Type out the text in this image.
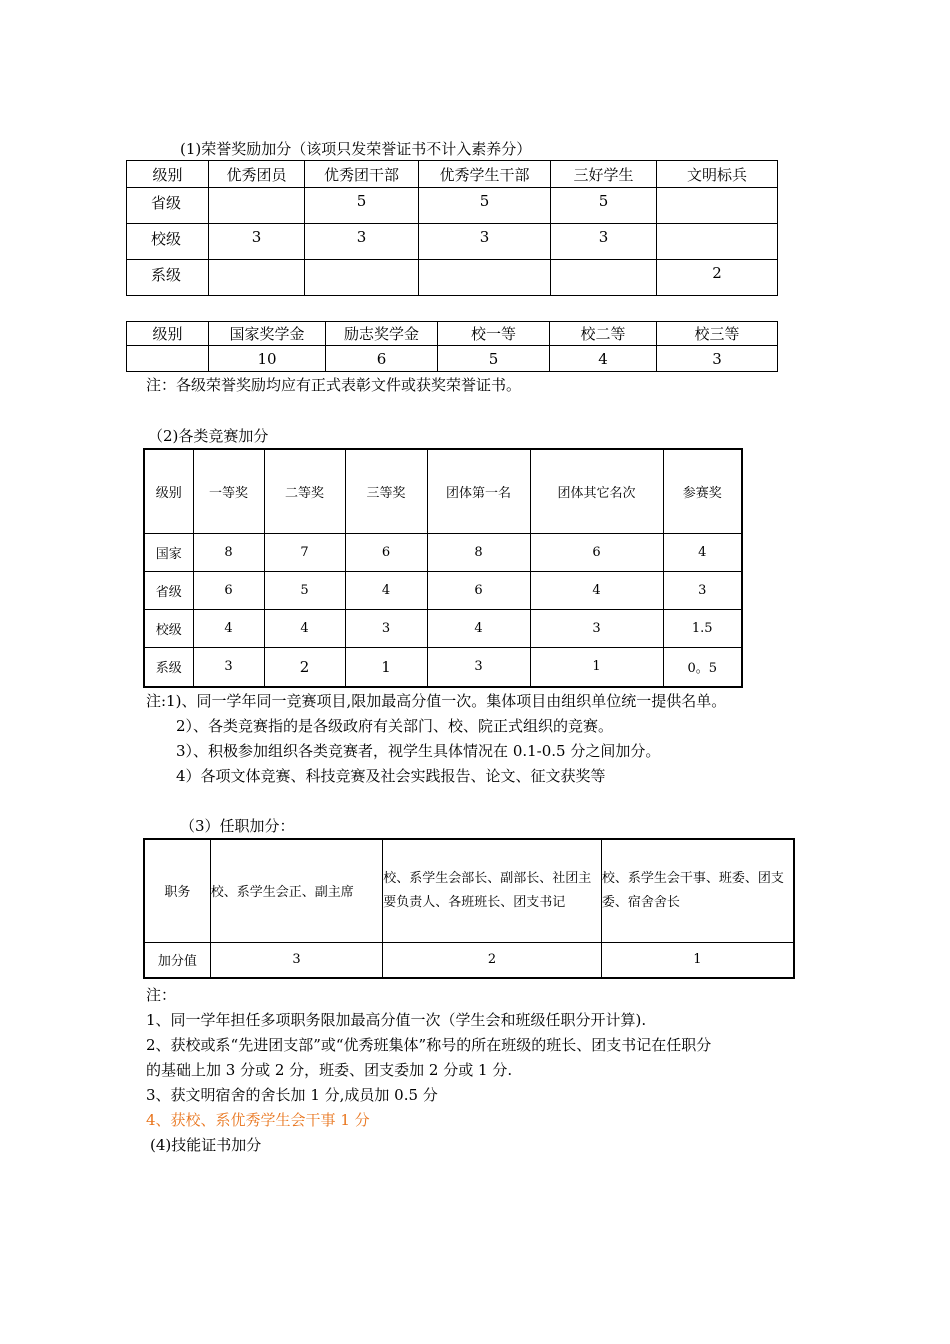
(1)荣誉奖励加分（该项只发荣誉证书不计入素养分）
级别	优秀团员	优秀团干部	优秀学生干部	三好学生	文明标兵
省级		5	5	5	
校级	3	3	3	3	
系级					2
级别	国家奖学金	励志奖学金	校一等	校二等	校三等
	10	6	5	4	3
注：各级荣誉奖励均应有正式表彰文件或获奖荣誉证书。
（2)各类竞赛加分
级别	一等奖	二等奖	三等奖	团体第一名	团体其它名次	参赛奖
国家	8	7	6	8	6	4
省级	6	5	4	6	4	3
校级	4	4	3	4	3	1.5
系级	3	2	1	3	1	0。5
注:1)、同一学年同一竞赛项目,限加最高分值一次。集体项目由组织单位统一提供名单。
2）、各类竞赛指的是各级政府有关部门、校、院正式组织的竞赛。
3）、积极参加组织各类竞赛者，视学生具体情况在 0.1-0.5 分之间加分。
4）各项文体竞赛、科技竞赛及社会实践报告、论文、征文获奖等
（3）任职加分：
职务	校、系学生会正、副主席	校、系学生会部长、副部长、社团主要负责人、各班班长、团支书记	校、系学生会干事、班委、团支委、宿舍舍长
加分值	3	2	1
注：
1、同一学年担任多项职务限加最高分值一次（学生会和班级任职分开计算).
2、获校或系“先进团支部”或“优秀班集体”称号的所在班级的班长、团支书记在任职分
的基础上加 3 分或 2 分，班委、团支委加 2 分或 1 分.
3、获文明宿舍的舍长加 1 分,成员加 0.5 分
4、获校、系优秀学生会干事 1 分
(4)技能证书加分
